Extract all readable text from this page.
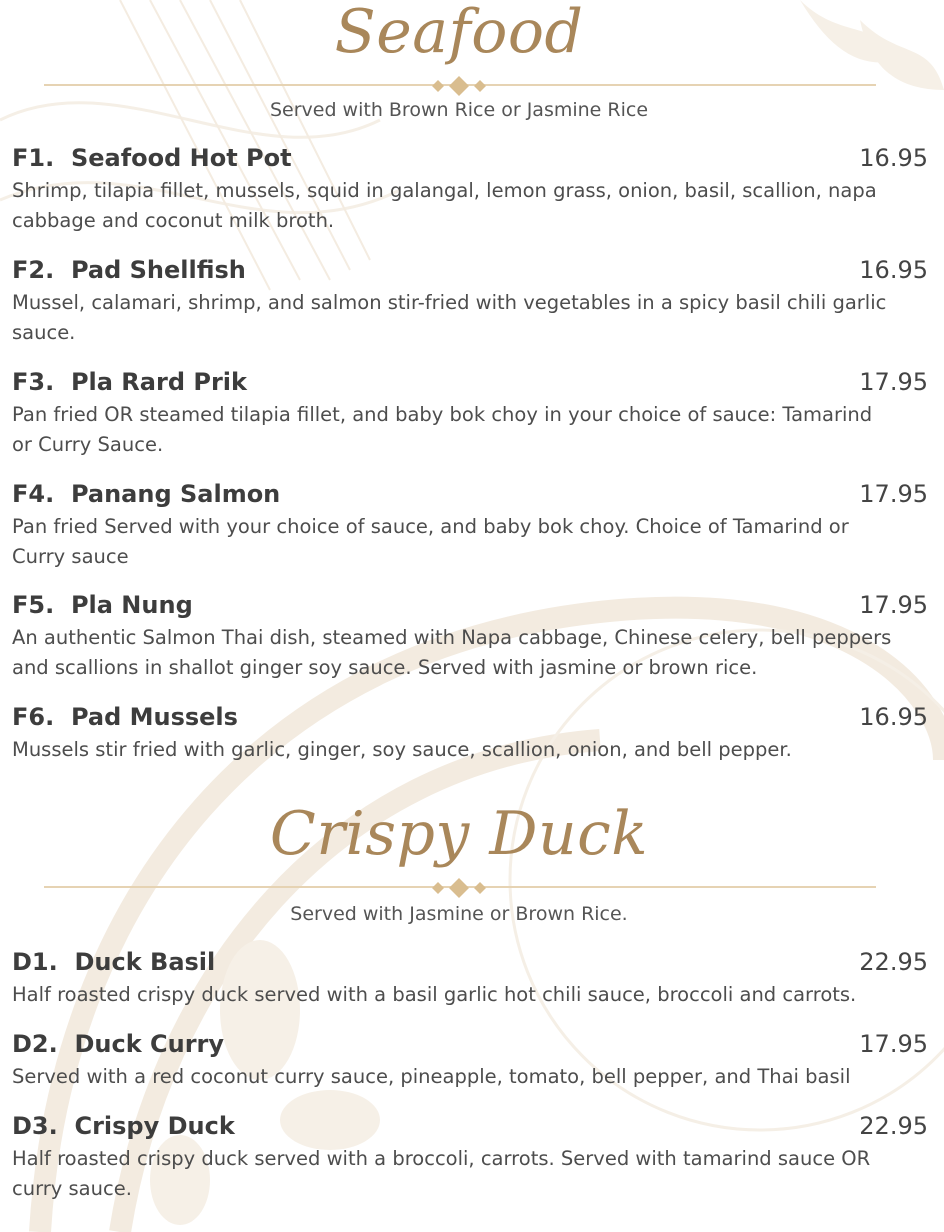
Seafood
Served with Brown Rice or Jasmine Rice
F1. Seafood Hot Pot	16.95
Shrimp, tilapia fillet, mussels, squid in galangal, lemon grass, onion, basil, scallion, napa cabbage and coconut milk broth.
F2. Pad Shellfish	16.95
Mussel, calamari, shrimp, and salmon stir-fried with vegetables in a spicy basil chili garlic sauce.
F3. Pla Rard Prik	17.95
Pan fried OR steamed tilapia fillet, and baby bok choy in your choice of sauce: Tamarind or Curry Sauce.
F4. Panang Salmon	17.95
Pan fried Served with your choice of sauce, and baby bok choy. Choice of Tamarind or Curry sauce
F5. Pla Nung	17.95
An authentic Salmon Thai dish, steamed with Napa cabbage, Chinese celery, bell peppers and scallions in shallot ginger soy sauce. Served with jasmine or brown rice.
F6. Pad Mussels	16.95
Mussels stir fried with garlic, ginger, soy sauce, scallion, onion, and bell pepper.
Crispy Duck
Served with Jasmine or Brown Rice.
D1. Duck Basil	22.95
Half roasted crispy duck served with a basil garlic hot chili sauce, broccoli and carrots.
D2. Duck Curry	17.95
Served with a red coconut curry sauce, pineapple, tomato, bell pepper, and Thai basil
D3. Crispy Duck	22.95
Half roasted crispy duck served with a broccoli, carrots. Served with tamarind sauce OR curry sauce.
